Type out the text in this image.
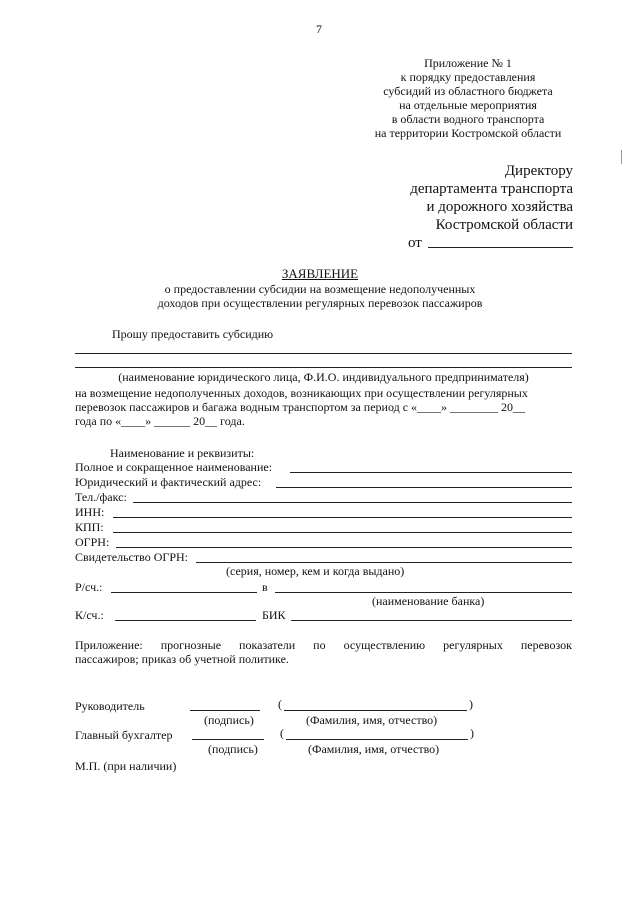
7
Приложение № 1
к порядку предоставления
субсидий из областного бюджета
на отдельные мероприятия
в области водного транспорта
на территории Костромской области
Директору
департамента транспорта
и дорожного хозяйства
Костромской области
от
ЗАЯВЛЕНИЕ
о предоставлении субсидии на возмещение недополученных
доходов при осуществлении регулярных перевозок пассажиров
Прошу предоставить субсидию
(наименование юридического лица, Ф.И.О. индивидуального предпринимателя)
на возмещение недополученных доходов, возникающих при осуществлении регулярных
перевозок пассажиров и багажа водным транспортом за период с «____» ________ 20__
года по «____» ______ 20__ года.
Наименование и реквизиты:
Полное и сокращенное наименование:
Юридический и фактический адрес:
Тел./факс:
ИНН:
КПП:
ОГРН:
Свидетельство ОГРН:
(серия, номер, кем и когда выдано)
Р/сч.:	в
(наименование банка)
К/сч.:	БИК
Приложение: прогнозные показатели по осуществлению регулярных перевозок
пассажиров; приказ об учетной политике.
Руководитель	(	)
(подпись)	(Фамилия, имя, отчество)
Главный бухгалтер	(	)
(подпись)	(Фамилия, имя, отчество)
М.П. (при наличии)
